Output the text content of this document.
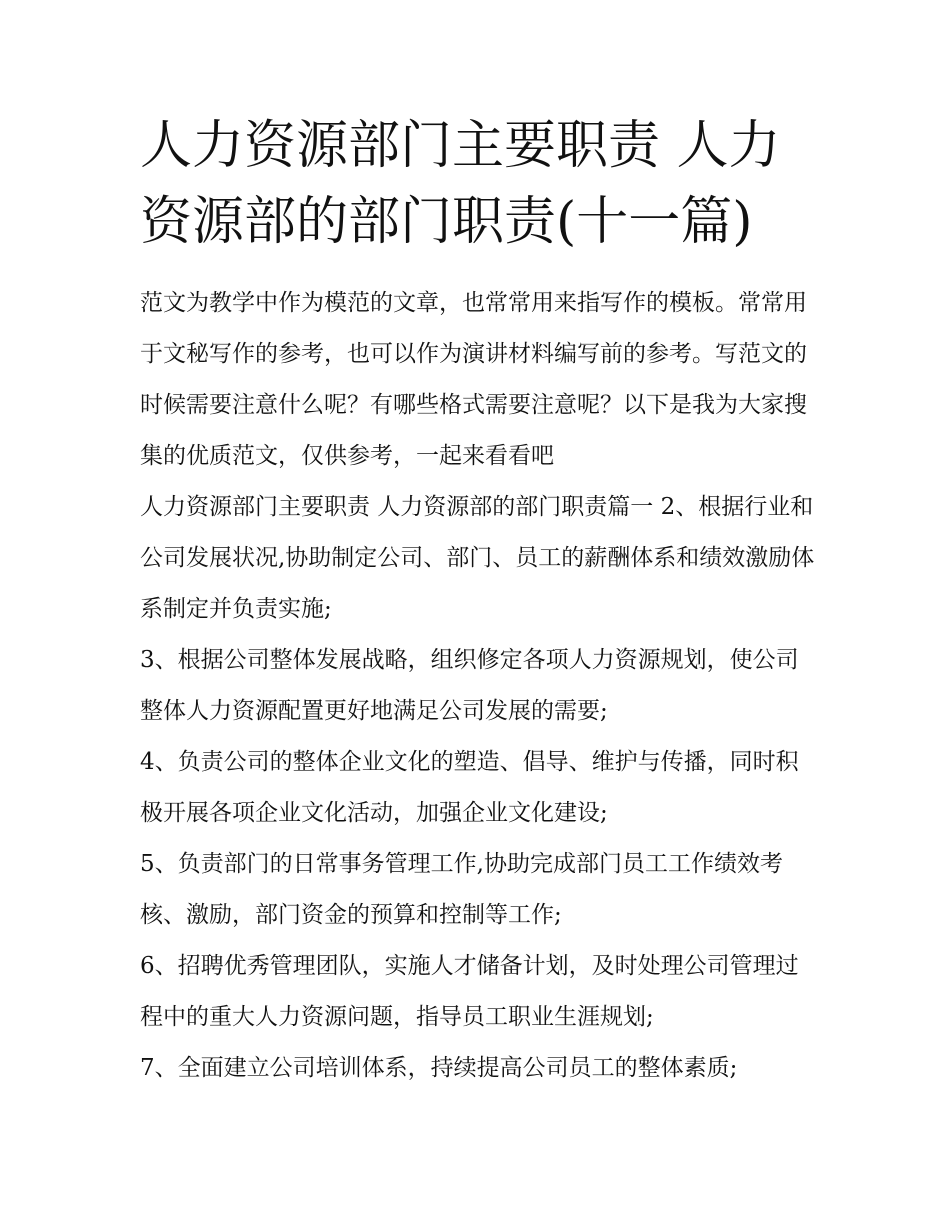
人力资源部门主要职责 人力资源部的部门职责(十一篇)

范文为教学中作为模范的文章，也常常用来指写作的模板。常常用于文秘写作的参考，也可以作为演讲材料编写前的参考。写范文的时候需要注意什么呢？有哪些格式需要注意呢？以下是我为大家搜集的优质范文，仅供参考，一起来看看吧

人力资源部门主要职责 人力资源部的部门职责篇一 2、根据行业和公司发展状况,协助制定公司、部门、员工的薪酬体系和绩效激励体系制定并负责实施;

3、根据公司整体发展战略，组织修定各项人力资源规划，使公司整体人力资源配置更好地满足公司发展的需要;

4、负责公司的整体企业文化的塑造、倡导、维护与传播，同时积极开展各项企业文化活动，加强企业文化建设;

5、负责部门的日常事务管理工作,协助完成部门员工工作绩效考核、激励，部门资金的预算和控制等工作;

6、招聘优秀管理团队，实施人才储备计划，及时处理公司管理过程中的重大人力资源问题，指导员工职业生涯规划;

7、全面建立公司培训体系，持续提高公司员工的整体素质;
